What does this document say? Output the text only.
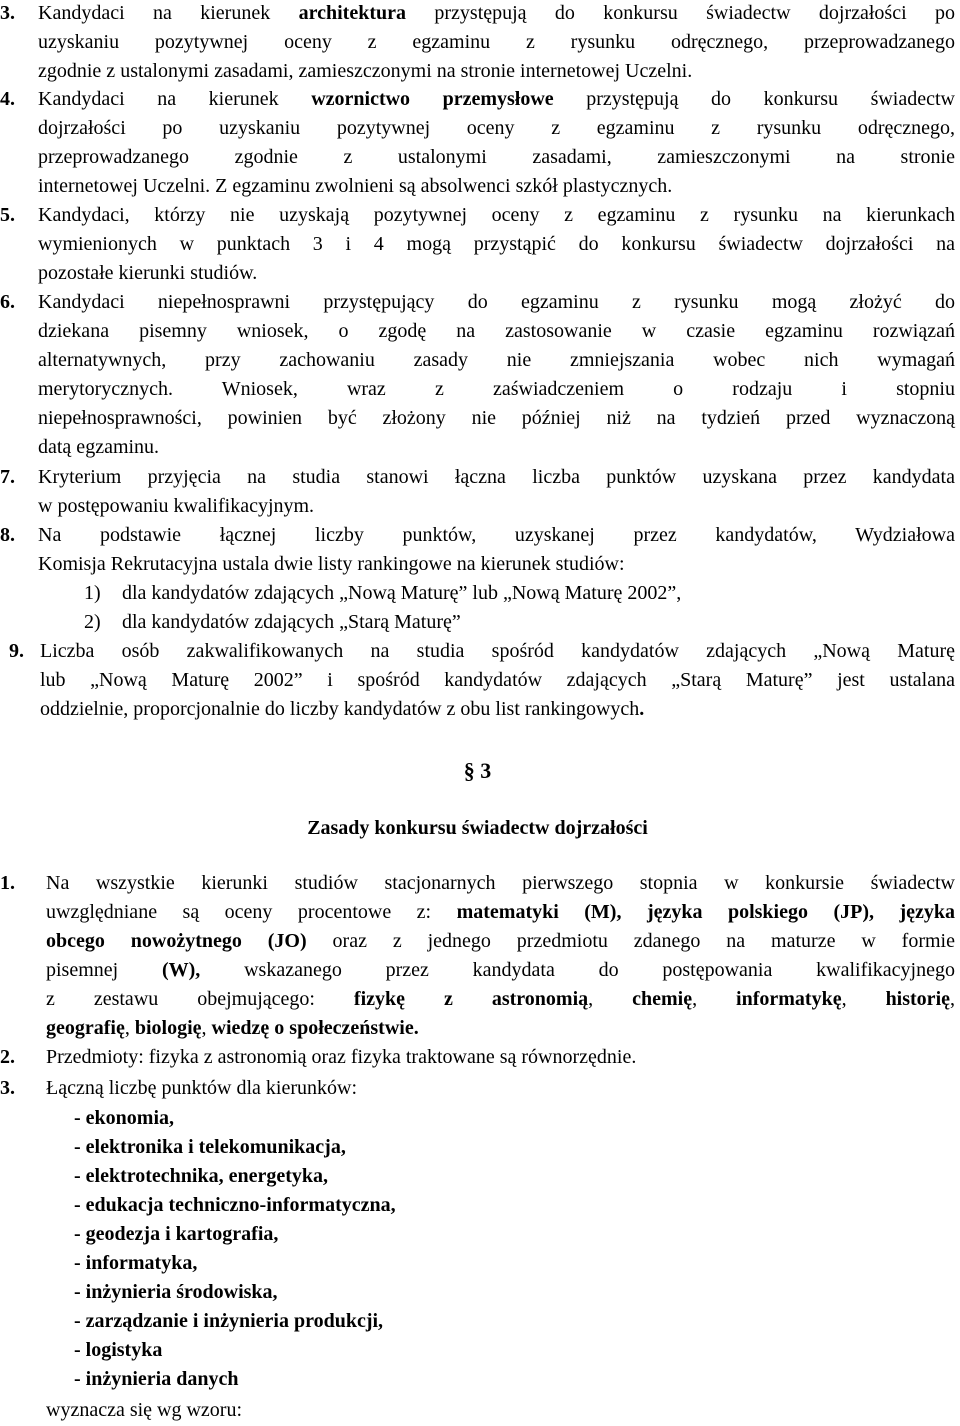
3. Kandydaci na kierunek architektura przystępują do konkursu świadectw dojrzałości po
uzyskaniu pozytywnej oceny z egzaminu z rysunku odręcznego, przeprowadzanego
zgodnie z ustalonymi zasadami, zamieszczonymi na stronie internetowej Uczelni.
4. Kandydaci na kierunek wzornictwo przemysłowe przystępują do konkursu świadectw
dojrzałości po uzyskaniu pozytywnej oceny z egzaminu z rysunku odręcznego,
przeprowadzanego zgodnie z ustalonymi zasadami, zamieszczonymi na stronie
internetowej Uczelni. Z egzaminu zwolnieni są absolwenci szkół plastycznych.
5. Kandydaci, którzy nie uzyskają pozytywnej oceny z egzaminu z rysunku na kierunkach
wymienionych w punktach 3 i 4 mogą przystąpić do konkursu świadectw dojrzałości na
pozostałe kierunki studiów.
6. Kandydaci niepełnosprawni przystępujący do egzaminu z rysunku mogą złożyć do
dziekana pisemny wniosek, o zgodę na zastosowanie w czasie egzaminu rozwiązań
alternatywnych, przy zachowaniu zasady nie zmniejszania wobec nich wymagań
merytorycznych. Wniosek, wraz z zaświadczeniem o rodzaju i stopniu
niepełnosprawności, powinien być złożony nie później niż na tydzień przed wyznaczoną
datą egzaminu.
7. Kryterium przyjęcia na studia stanowi łączna liczba punktów uzyskana przez kandydata
w postępowaniu kwalifikacyjnym.
8. Na podstawie łącznej liczby punktów, uzyskanej przez kandydatów, Wydziałowa
Komisja Rekrutacyjna ustala dwie listy rankingowe na kierunek studiów:
1) dla kandydatów zdających „Nową Maturę” lub „Nową Maturę 2002”,
2) dla kandydatów zdających „Starą Maturę”
9. Liczba osób zakwalifikowanych na studia spośród kandydatów zdających „Nową Maturę
lub „Nową Maturę 2002” i spośród kandydatów zdających „Starą Maturę” jest ustalana
oddzielnie, proporcjonalnie do liczby kandydatów z obu list rankingowych.
§ 3
Zasady konkursu świadectw dojrzałości
1. Na wszystkie kierunki studiów stacjonarnych pierwszego stopnia w konkursie świadectw
uwzględniane są oceny procentowe z: matematyki (M), języka polskiego (JP), języka
obcego nowożytnego (JO) oraz z jednego przedmiotu zdanego na maturze w formie
pisemnej (W), wskazanego przez kandydata do postępowania kwalifikacyjnego
z zestawu obejmującego: fizykę z astronomią, chemię, informatykę, historię,
geografię, biologię, wiedzę o społeczeństwie.
2. Przedmioty: fizyka z astronomią oraz fizyka traktowane są równorzędnie.
3. Łączną liczbę punktów dla kierunków:
- ekonomia,
- elektronika i telekomunikacja,
- elektrotechnika, energetyka,
- edukacja techniczno-informatyczna,
- geodezja i kartografia,
- informatyka,
- inżynieria środowiska,
- zarządzanie i inżynieria produkcji,
- logistyka
- inżynieria danych
wyznacza się wg wzoru:
